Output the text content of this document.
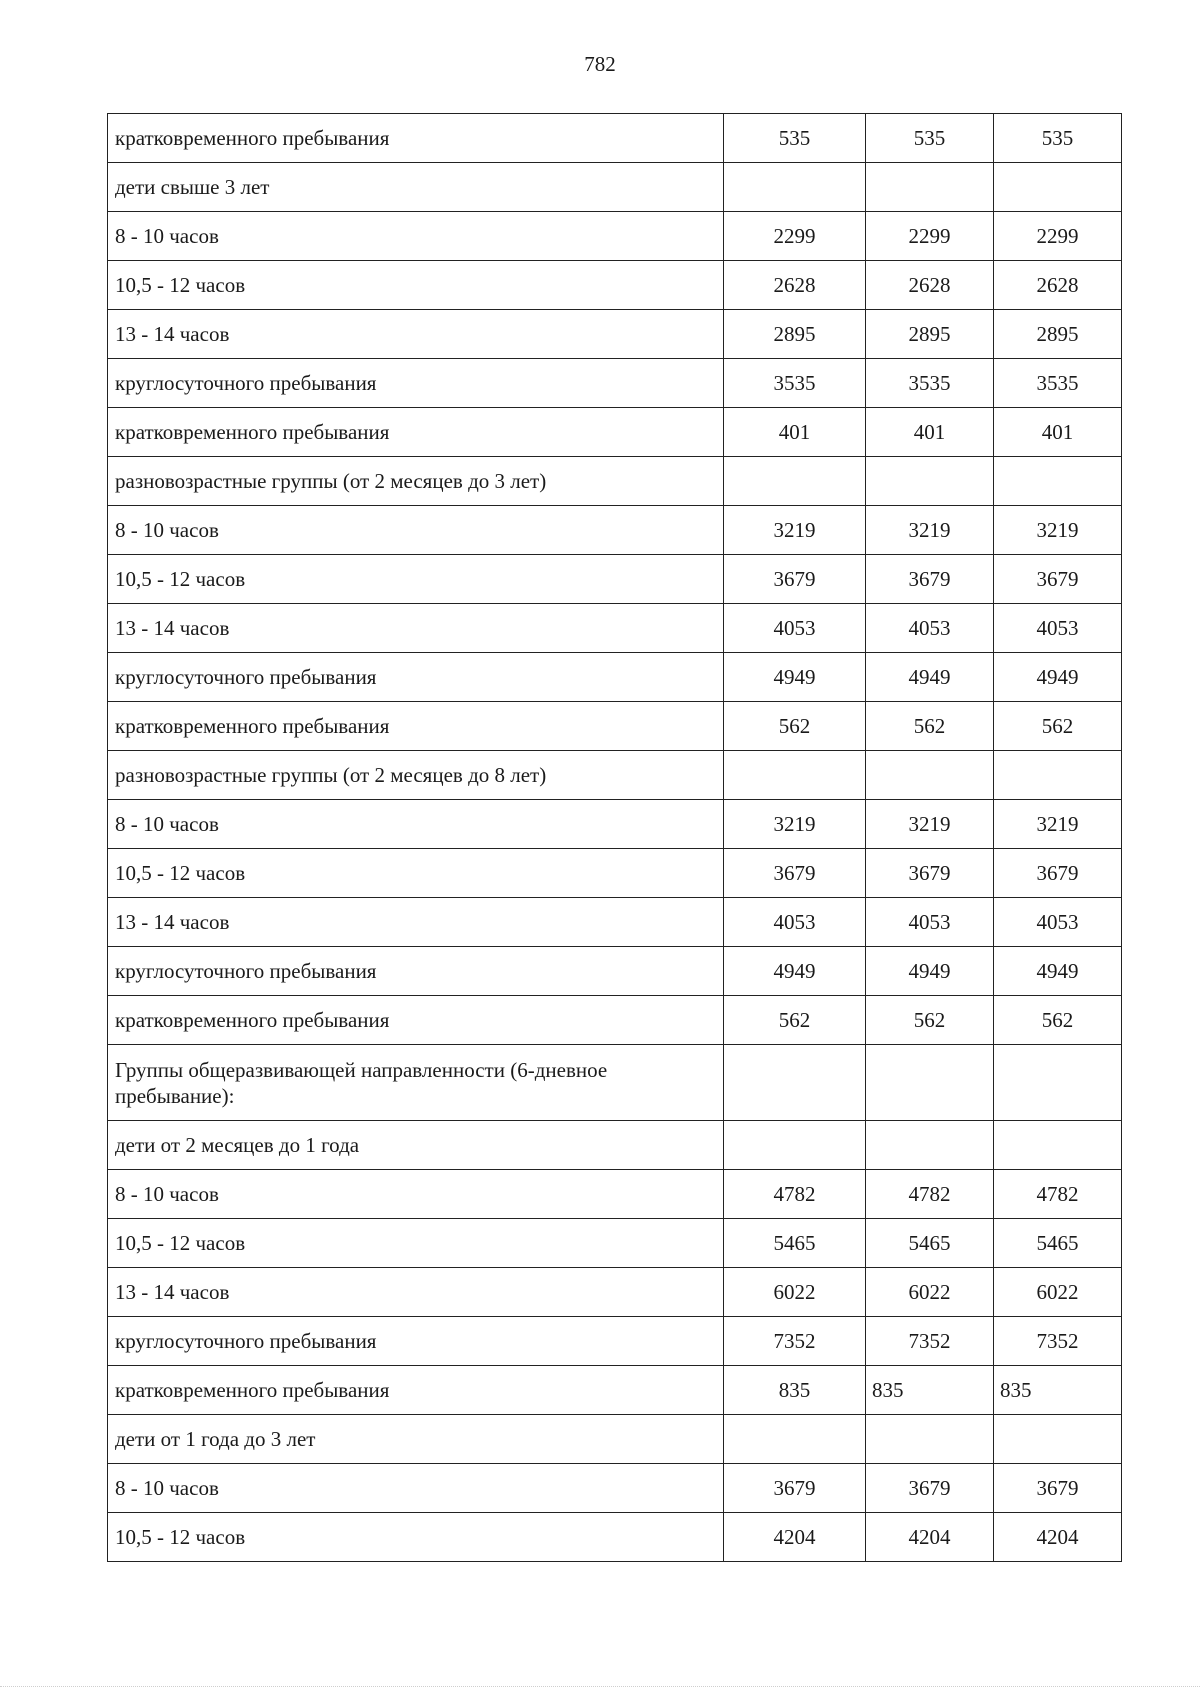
782
кратковременного пребывания	535	535	535
дети свыше 3 лет			
8 - 10 часов	2299	2299	2299
10,5 - 12 часов	2628	2628	2628
13 - 14 часов	2895	2895	2895
круглосуточного пребывания	3535	3535	3535
кратковременного пребывания	401	401	401
разновозрастные группы (от 2 месяцев до 3 лет)			
8 - 10 часов	3219	3219	3219
10,5 - 12 часов	3679	3679	3679
13 - 14 часов	4053	4053	4053
круглосуточного пребывания	4949	4949	4949
кратковременного пребывания	562	562	562
разновозрастные группы (от 2 месяцев до 8 лет)			
8 - 10 часов	3219	3219	3219
10,5 - 12 часов	3679	3679	3679
13 - 14 часов	4053	4053	4053
круглосуточного пребывания	4949	4949	4949
кратковременного пребывания	562	562	562
Группы общеразвивающей направленности (6-дневное пребывание):			
дети от 2 месяцев до 1 года			
8 - 10 часов	4782	4782	4782
10,5 - 12 часов	5465	5465	5465
13 - 14 часов	6022	6022	6022
круглосуточного пребывания	7352	7352	7352
кратковременного пребывания	835	835	835
дети от 1 года до 3 лет			
8 - 10 часов	3679	3679	3679
10,5 - 12 часов	4204	4204	4204
